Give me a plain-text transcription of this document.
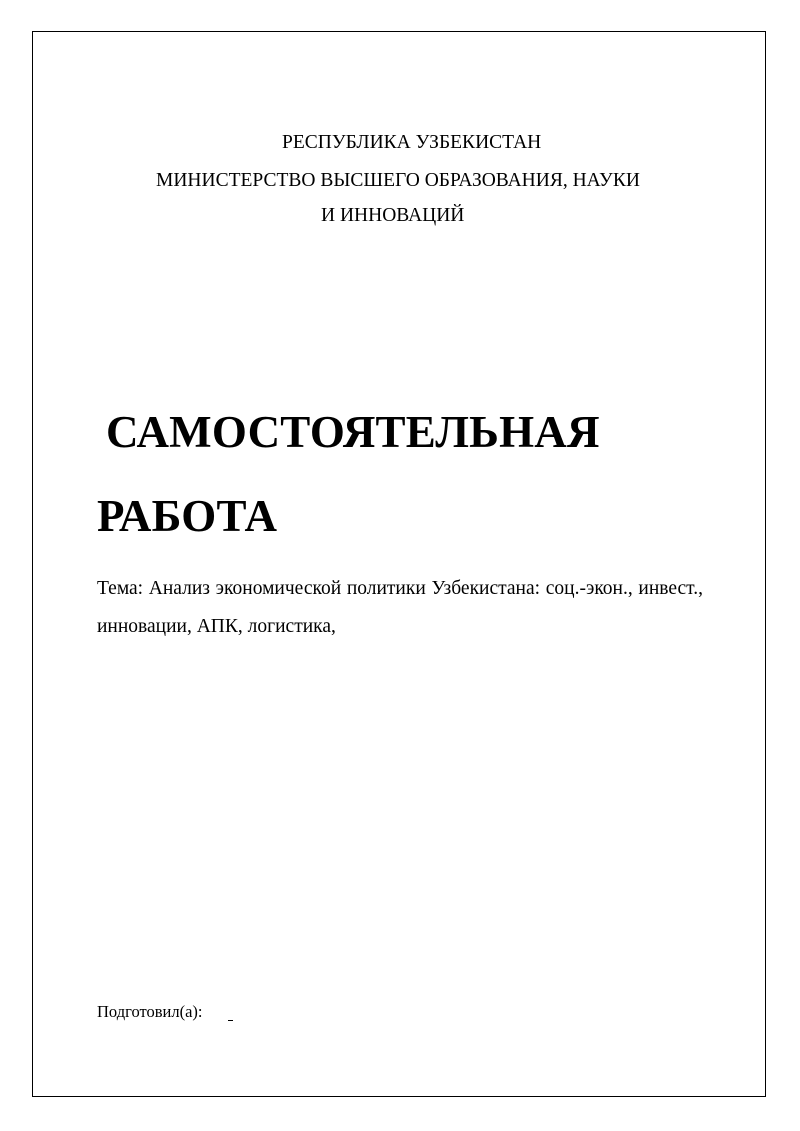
РЕСПУБЛИКА УЗБЕКИСТАН
МИНИСТЕРСТВО ВЫСШЕГО ОБРАЗОВАНИЯ, НАУКИ
И ИННОВАЦИЙ
САМОСТОЯТЕЛЬНАЯ
РАБОТА
Тема: Анализ экономической политики Узбекистана: соц.-экон., инвест., инновации, АПК, логистика,
Подготовил(а):
